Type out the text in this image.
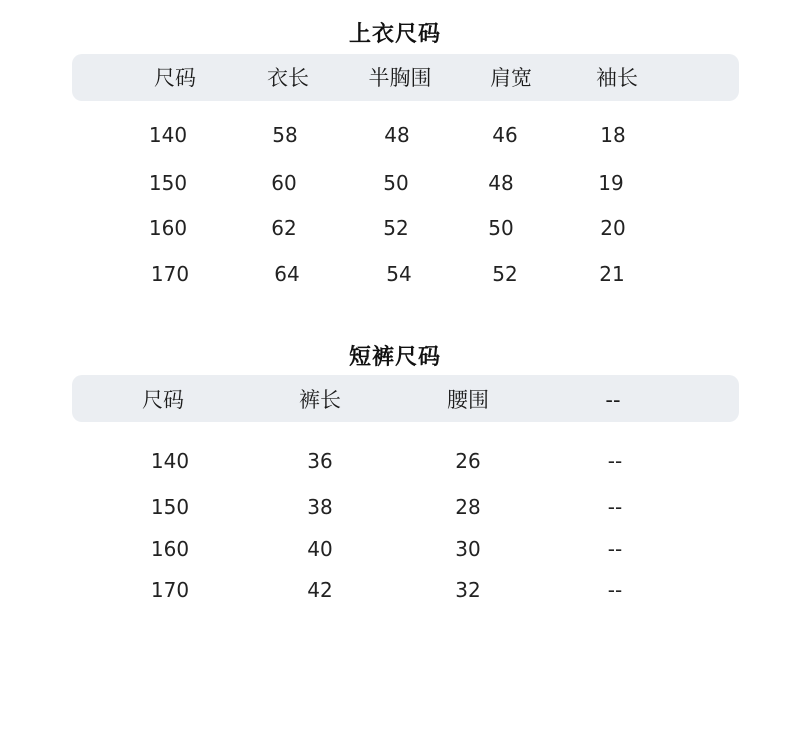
上衣尺码
尺码	衣长	半胸围	肩宽	袖长
140	58	48	46	18
150	60	50	48	19
160	62	52	50	20
170	64	54	52	21
短裤尺码
尺码	裤长	腰围	--
140	36	26	--
150	38	28	--
160	40	30	--
170	42	32	--
